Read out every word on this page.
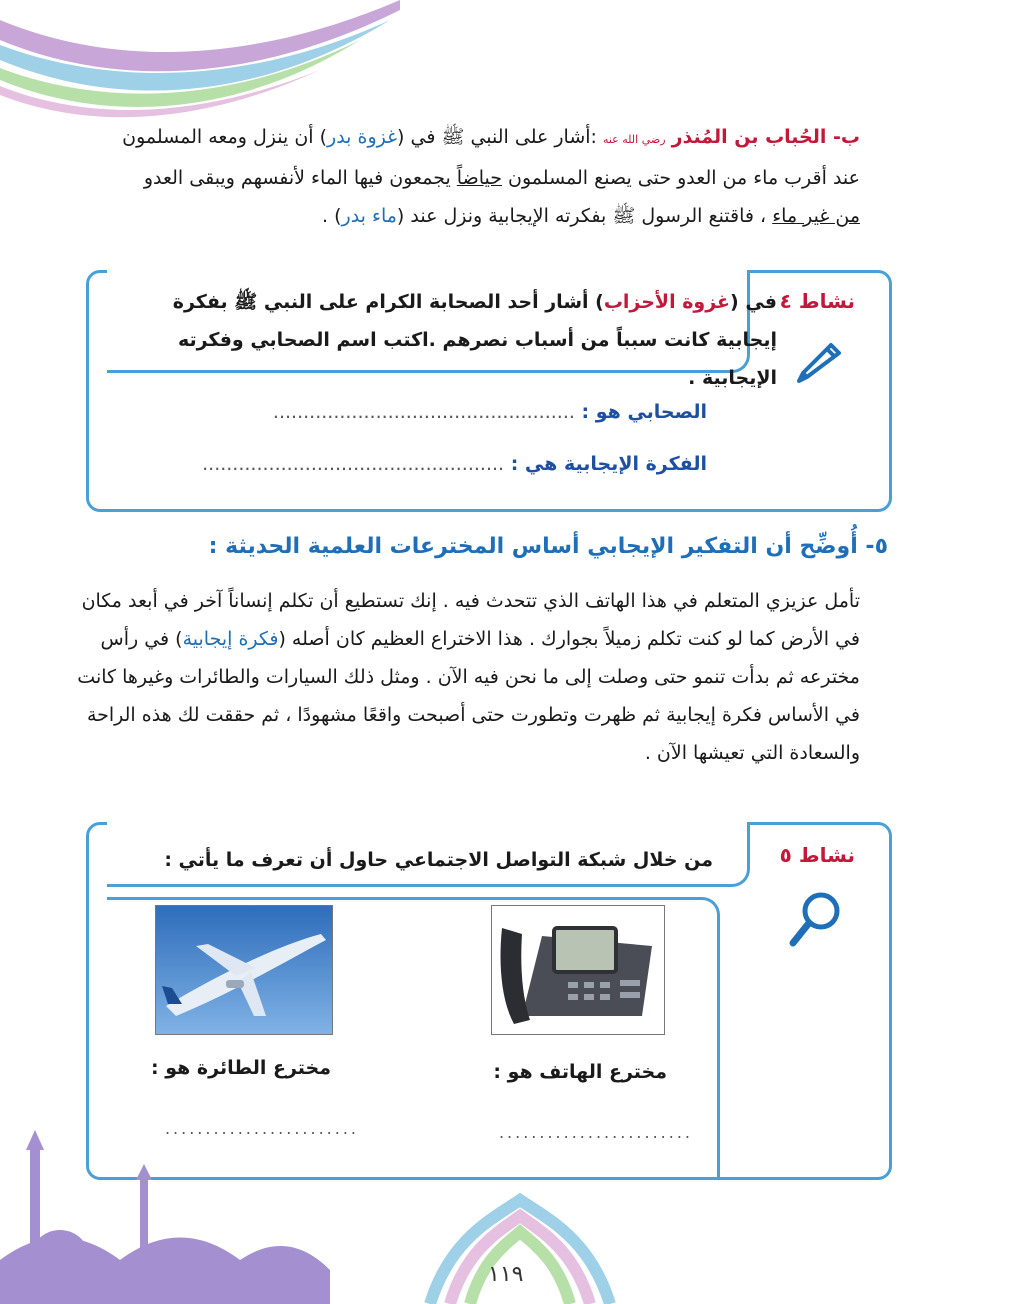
ب- الحُباب بن المُنذر رضي الله عنه :أشار على النبي ﷺ في (غزوة بدر) أن ينزل ومعه المسلمون عند أقرب ماء من العدو حتى يصنع المسلمون حياضاً يجمعون فيها الماء لأنفسهم ويبقى العدو من غير ماء ، فاقتنع الرسول ﷺ بفكرته الإيجابية ونزل عند (ماء بدر) .
نشاط ٤
في (غزوة الأحزاب) أشار أحد الصحابة الكرام على النبي ﷺ بفكرة إيجابية كانت سبباً من أسباب نصرهم .اكتب اسم الصحابي وفكرته الإيجابية .
الصحابي هو : ..................................................
الفكرة الإيجابية هي : ..................................................
٥- أُوضِّح أن التفكير الإيجابي أساس المخترعات العلمية الحديثة :
تأمل عزيزي المتعلم في هذا الهاتف الذي تتحدث فيه . إنك تستطيع أن تكلم إنساناً آخر في أبعد مكان في الأرض كما لو كنت تكلم زميلاً بجوارك . هذا الاختراع العظيم كان أصله (فكرة إيجابية) في رأس مخترعه ثم بدأت تنمو حتى وصلت إلى ما نحن فيه الآن . ومثل ذلك السيارات والطائرات وغيرها كانت في الأساس فكرة إيجابية ثم ظهرت وتطورت حتى أصبحت واقعًا مشهودًا ، ثم حققت لك هذه الراحة والسعادة التي تعيشها الآن .
نشاط ٥
من خلال شبكة التواصل الاجتماعي حاول أن تعرف ما يأتي :
مخترع الهاتف هو :
مخترع الطائرة هو :
........................
........................
١١٩
